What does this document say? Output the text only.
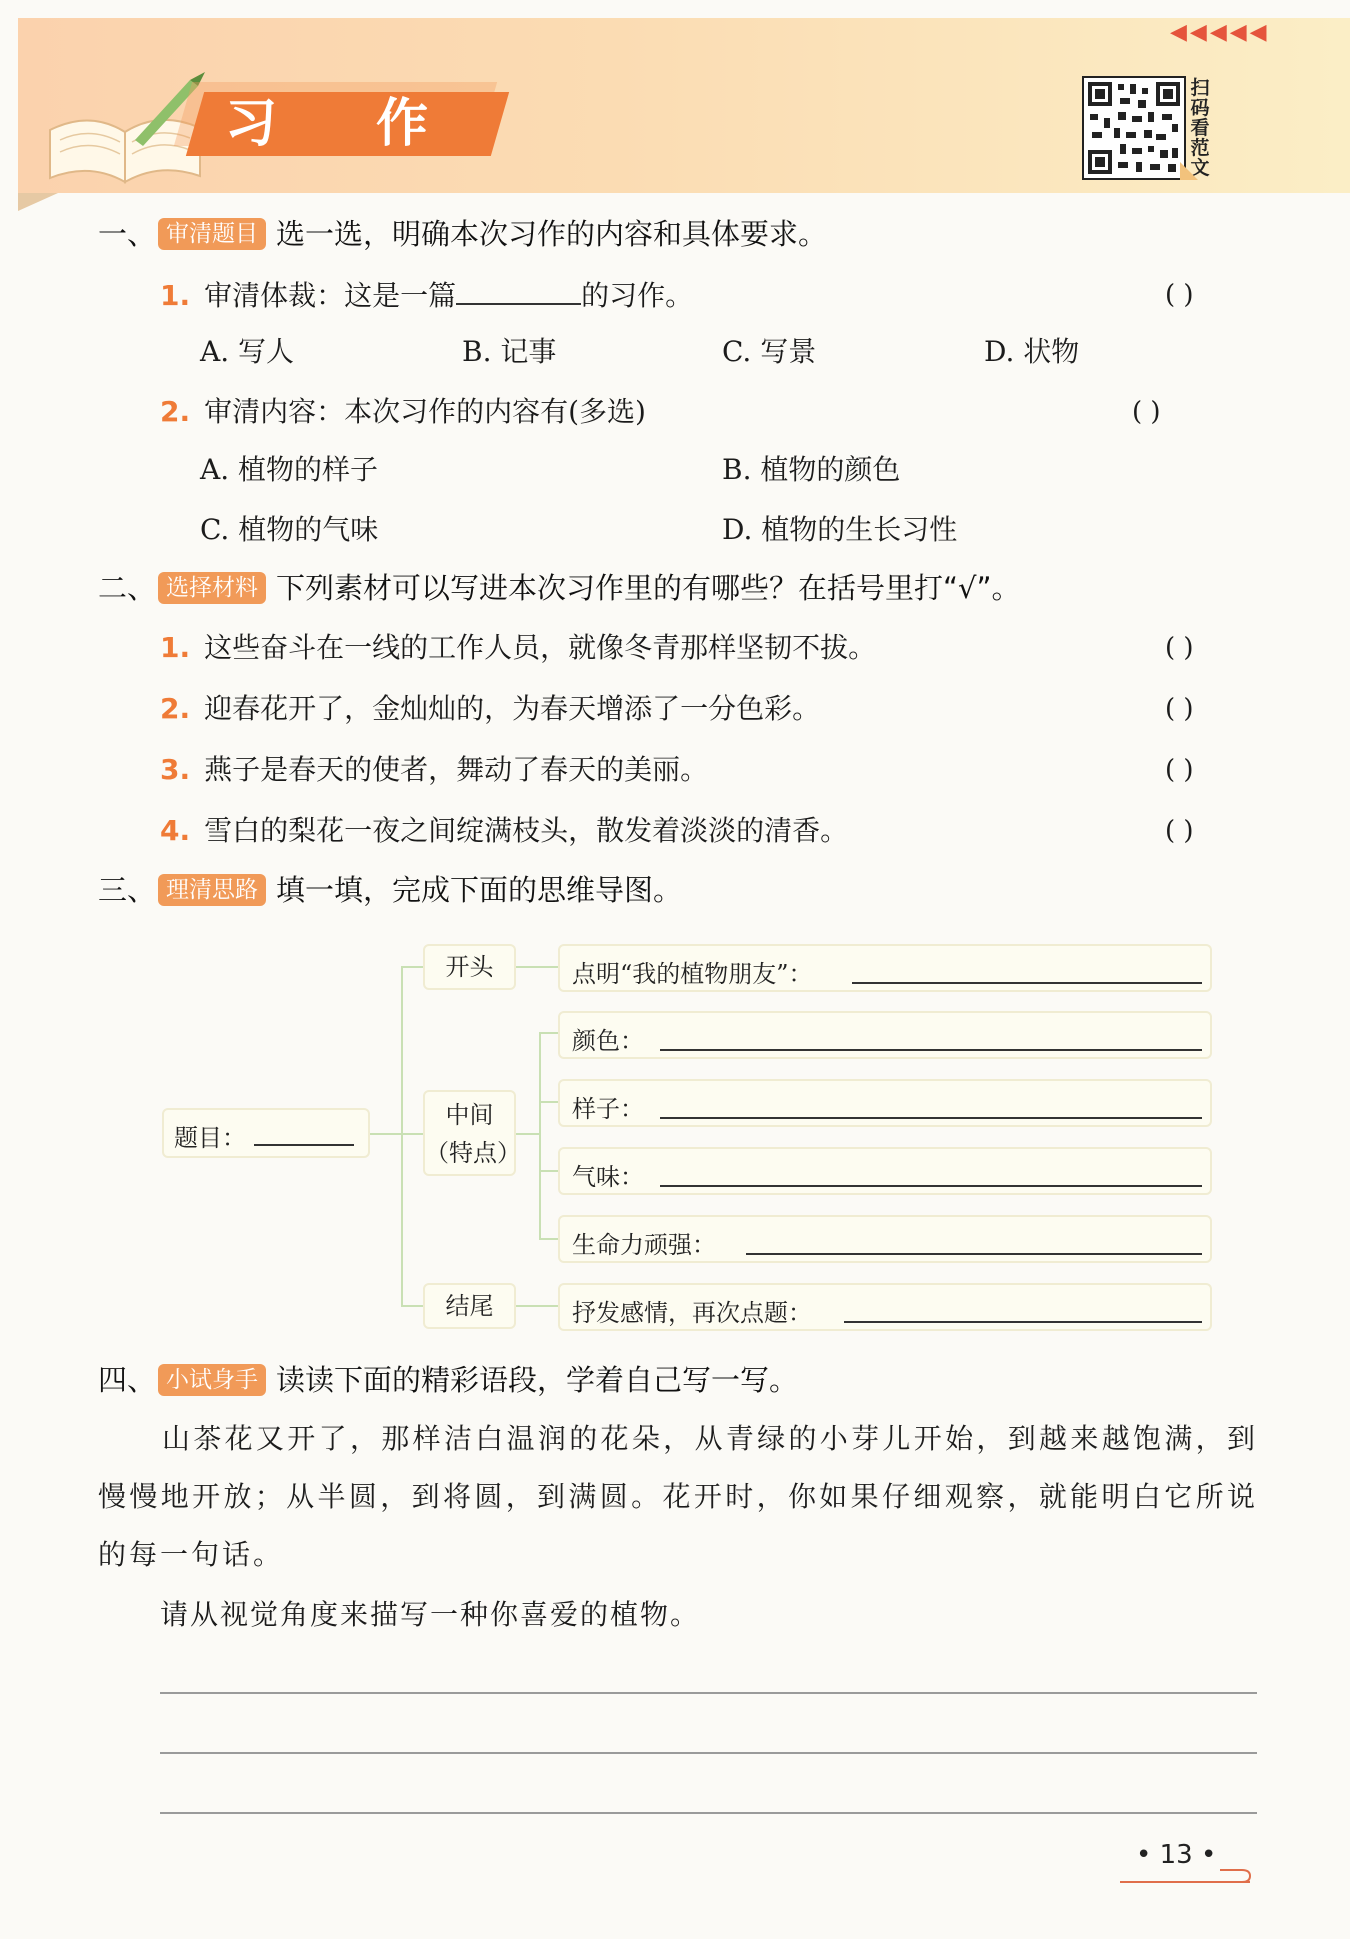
习 作
◀◀◀◀◀
扫码看范文
一、 审清题目 选一选，明确本次习作的内容和具体要求。
1. 审清体裁：这是一篇	的习作。	( )
A. 写人	B. 记事	C. 写景	D. 状物
2. 审清内容：本次习作的内容有(多选)	( )
A. 植物的样子	B. 植物的颜色
C. 植物的气味	D. 植物的生长习性
二、 选择材料 下列素材可以写进本次习作里的有哪些？在括号里打“√”。
1. 这些奋斗在一线的工作人员，就像冬青那样坚韧不拔。	( )
2. 迎春花开了，金灿灿的，为春天增添了一分色彩。	( )
3. 燕子是春天的使者，舞动了春天的美丽。	( )
4. 雪白的梨花一夜之间绽满枝头，散发着淡淡的清香。	( )
三、 理清思路 填一填，完成下面的思维导图。
题目：
开头
中间
（特点）
结尾
点明“我的植物朋友”：
颜色：
样子：
气味：
生命力顽强：
抒发感情，再次点题：
四、 小试身手 读读下面的精彩语段，学着自己写一写。
山茶花又开了，那样洁白温润的花朵，从青绿的小芽儿开始，到越来越饱满，到慢慢地开放；从半圆，到将圆，到满圆。花开时，你如果仔细观察，就能明白它所说的每一句话。
请从视觉角度来描写一种你喜爱的植物。
• 13 •
